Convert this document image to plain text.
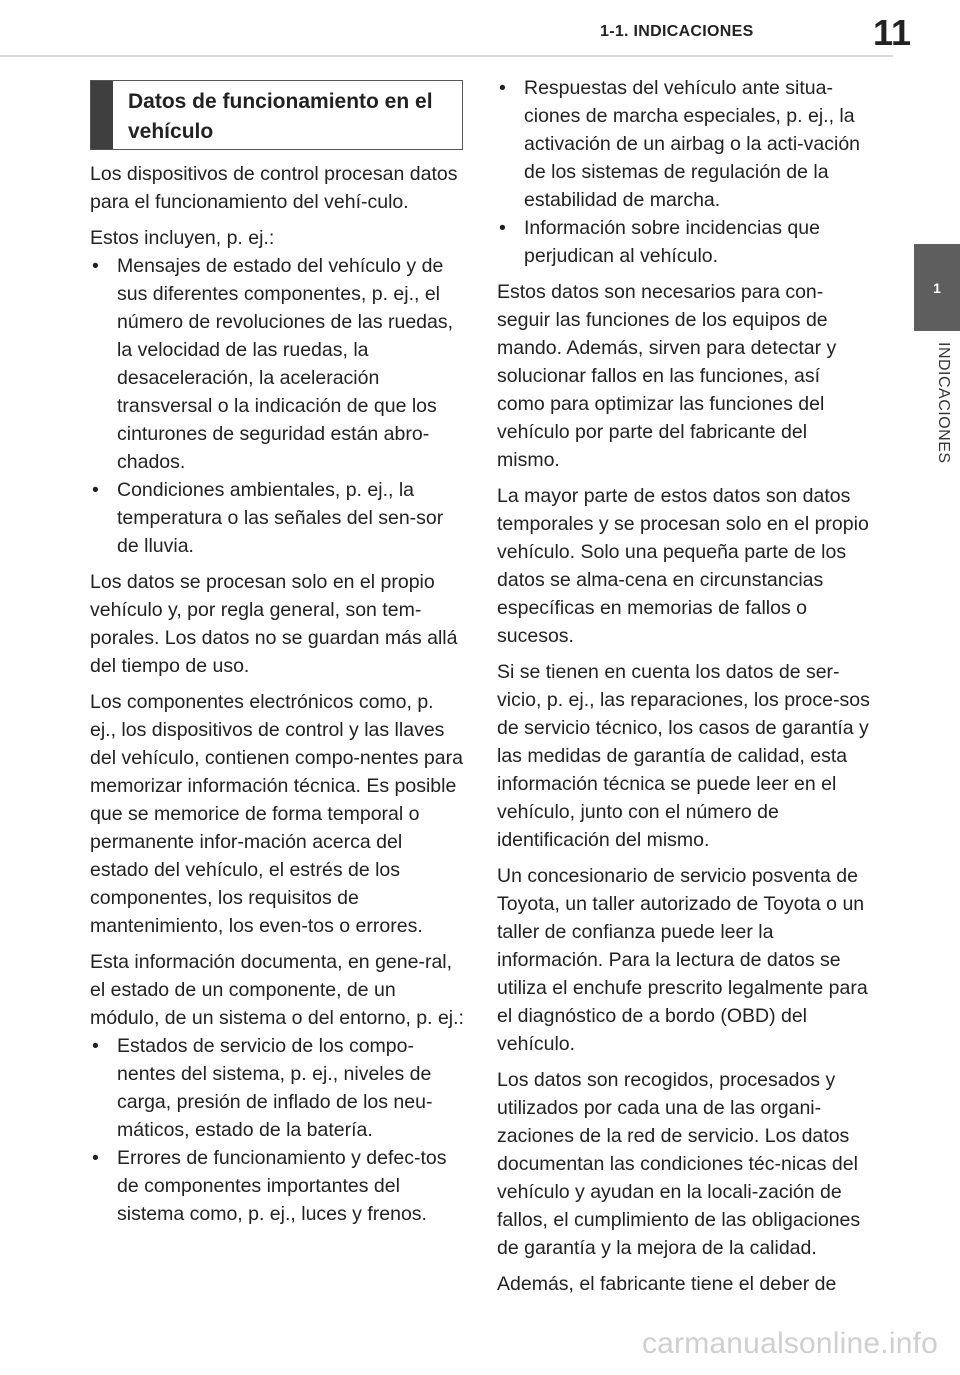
1-1. INDICACIONES	11
1
INDICACIONES
Datos de funcionamiento en el vehículo

Los dispositivos de control procesan datos para el funcionamiento del vehí-culo.

Estos incluyen, p. ej.:

• Mensajes de estado del vehículo y de sus diferentes componentes, p. ej., el número de revoluciones de las ruedas, la velocidad de las ruedas, la desaceleración, la aceleración transversal o la indicación de que los cinturones de seguridad están abro-chados.
• Condiciones ambientales, p. ej., la temperatura o las señales del sen-sor de lluvia.

Los datos se procesan solo en el propio vehículo y, por regla general, son tem-porales. Los datos no se guardan más allá del tiempo de uso.

Los componentes electrónicos como, p. ej., los dispositivos de control y las llaves del vehículo, contienen compo-nentes para memorizar información técnica. Es posible que se memorice de forma temporal o permanente infor-mación acerca del estado del vehículo, el estrés de los componentes, los requisitos de mantenimiento, los even-tos o errores.

Esta información documenta, en gene-ral, el estado de un componente, de un módulo, de un sistema o del entorno, p. ej.:

• Estados de servicio de los compo-nentes del sistema, p. ej., niveles de carga, presión de inflado de los neu-máticos, estado de la batería.
• Errores de funcionamiento y defec-tos de componentes importantes del sistema como, p. ej., luces y frenos.
• Respuestas del vehículo ante situa-ciones de marcha especiales, p. ej., la activación de un airbag o la acti-vación de los sistemas de regulación de la estabilidad de marcha.
• Información sobre incidencias que perjudican al vehículo.

Estos datos son necesarios para con-seguir las funciones de los equipos de mando. Además, sirven para detectar y solucionar fallos en las funciones, así como para optimizar las funciones del vehículo por parte del fabricante del mismo.

La mayor parte de estos datos son datos temporales y se procesan solo en el propio vehículo. Solo una pequeña parte de los datos se alma-cena en circunstancias específicas en memorias de fallos o sucesos.

Si se tienen en cuenta los datos de ser-vicio, p. ej., las reparaciones, los proce-sos de servicio técnico, los casos de garantía y las medidas de garantía de calidad, esta información técnica se puede leer en el vehículo, junto con el número de identificación del mismo.

Un concesionario de servicio posventa de Toyota, un taller autorizado de Toyota o un taller de confianza puede leer la información. Para la lectura de datos se utiliza el enchufe prescrito legalmente para el diagnóstico de a bordo (OBD) del vehículo.

Los datos son recogidos, procesados y utilizados por cada una de las organi-zaciones de la red de servicio. Los datos documentan las condiciones téc-nicas del vehículo y ayudan en la locali-zación de fallos, el cumplimiento de las obligaciones de garantía y la mejora de la calidad.

Además, el fabricante tiene el deber de

carmanualsonline.info
